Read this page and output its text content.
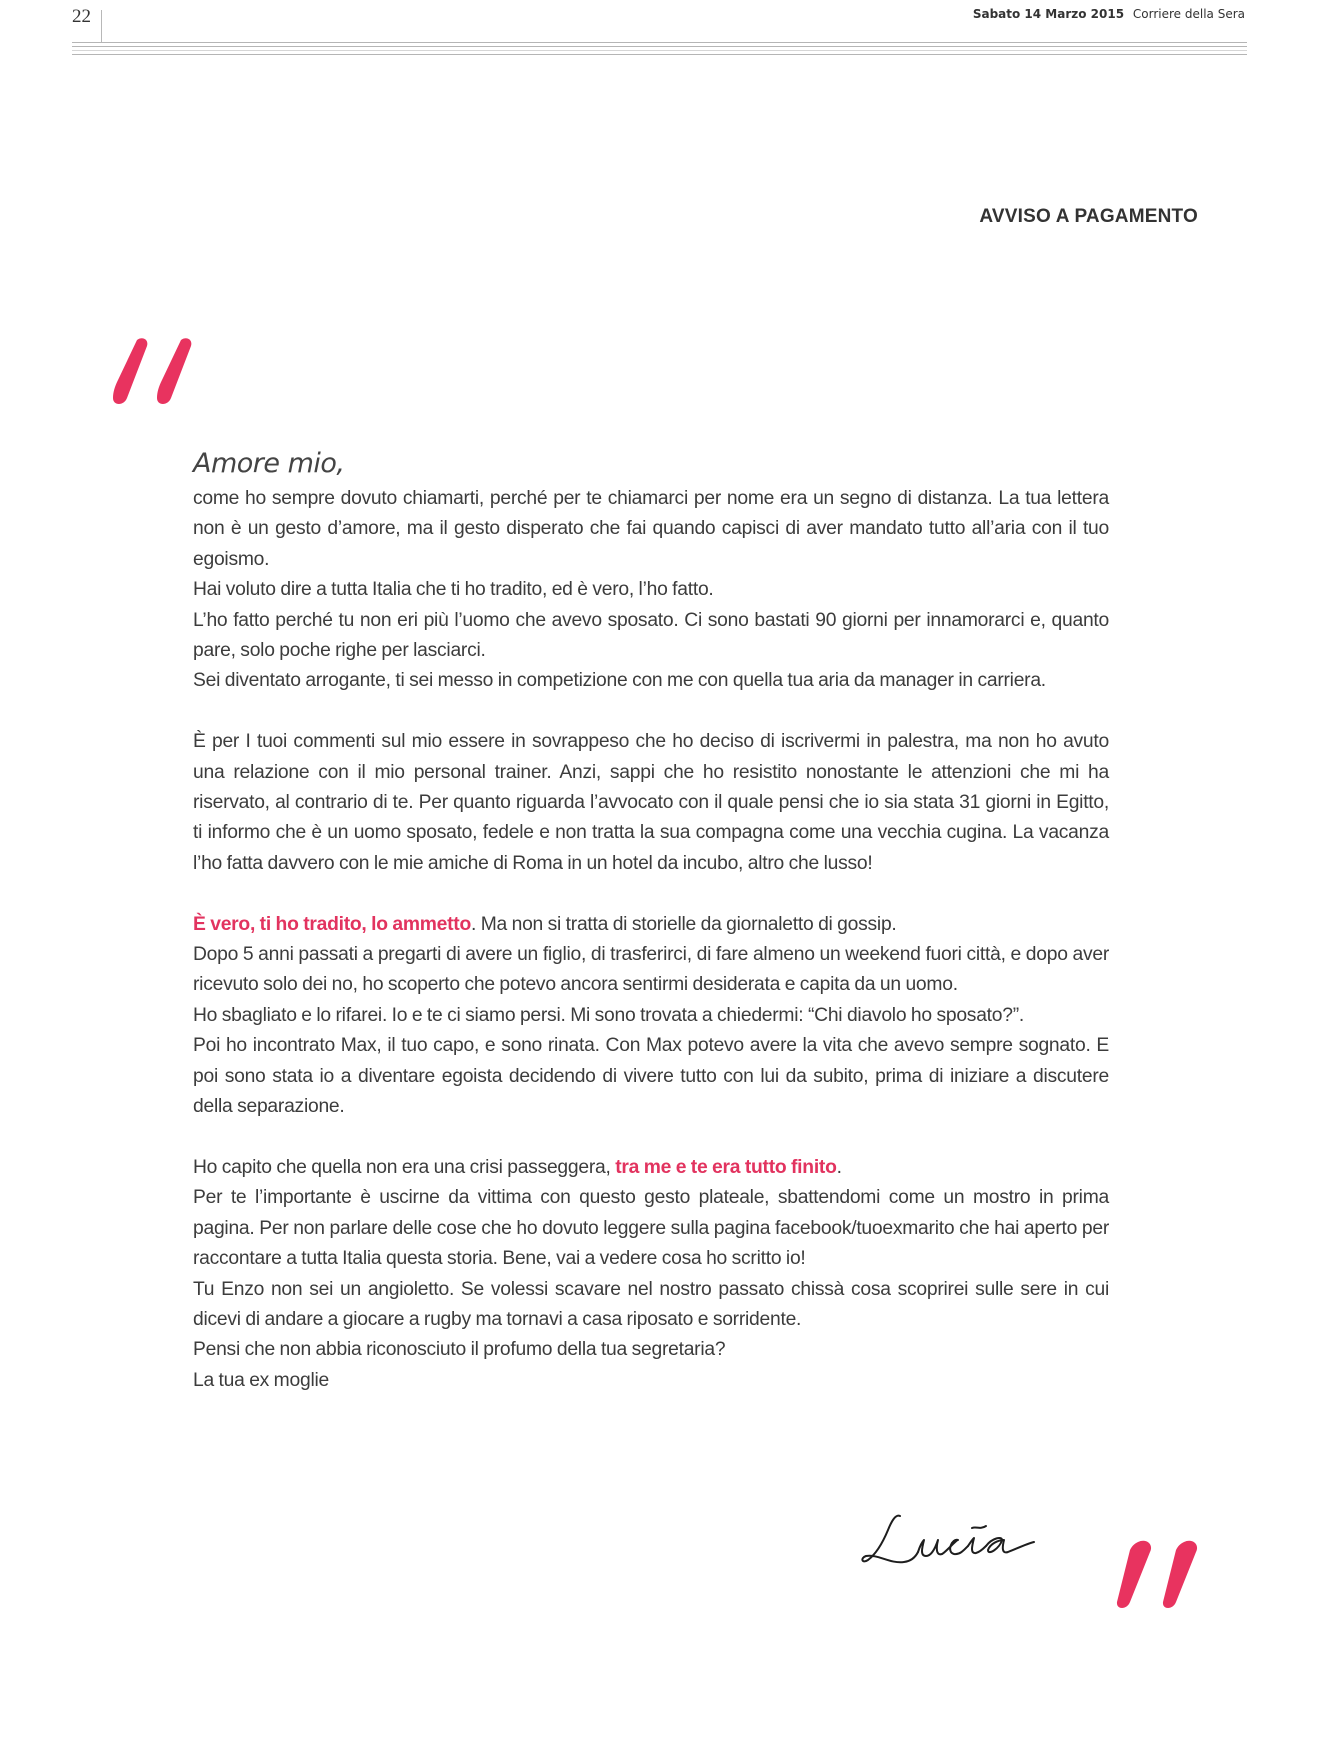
22	Sabato 14 Marzo 2015 Corriere della Sera
AVVISO A PAGAMENTO

Amore mio,

come ho sempre dovuto chiamarti, perché per te chiamarci per nome era un segno di distanza. La tua lettera non è un gesto d’amore, ma il gesto disperato che fai quando capisci di aver mandato tutto all’aria con il tuo egoismo.

Hai voluto dire a tutta Italia che ti ho tradito, ed è vero, l’ho fatto.

L’ho fatto perché tu non eri più l’uomo che avevo sposato. Ci sono bastati 90 giorni per innamorarci e, quanto pare, solo poche righe per lasciarci.

Sei diventato arrogante, ti sei messo in competizione con me con quella tua aria da manager in carriera.

È per I tuoi commenti sul mio essere in sovrappeso che ho deciso di iscrivermi in palestra, ma non ho avuto una relazione con il mio personal trainer. Anzi, sappi che ho resistito nonostante le attenzioni che mi ha riservato, al contrario di te. Per quanto riguarda l’avvocato con il quale pensi che io sia stata 31 giorni in Egitto, ti informo che è un uomo sposato, fedele e non tratta la sua compagna come una vecchia cugina. La vacanza l’ho fatta davvero con le mie amiche di Roma in un hotel da incubo, altro che lusso!

È vero, ti ho tradito, lo ammetto. Ma non si tratta di storielle da giornaletto di gossip.

Dopo 5 anni passati a pregarti di avere un figlio, di trasferirci, di fare almeno un weekend fuori città, e dopo aver ricevuto solo dei no, ho scoperto che potevo ancora sentirmi desiderata e capita da un uomo.

Ho sbagliato e lo rifarei. Io e te ci siamo persi. Mi sono trovata a chiedermi: “Chi diavolo ho sposato?”.

Poi ho incontrato Max, il tuo capo, e sono rinata. Con Max potevo avere la vita che avevo sempre sognato. E poi sono stata io a diventare egoista decidendo di vivere tutto con lui da subito, prima di iniziare a discutere della separazione.

Ho capito che quella non era una crisi passeggera, tra me e te era tutto finito.

Per te l’importante è uscirne da vittima con questo gesto plateale, sbattendomi come un mostro in prima pagina. Per non parlare delle cose che ho dovuto leggere sulla pagina facebook/tuoexmarito che hai aperto per raccontare a tutta Italia questa storia. Bene, vai a vedere cosa ho scritto io!

Tu Enzo non sei un angioletto. Se volessi scavare nel nostro passato chissà cosa scoprirei sulle sere in cui dicevi di andare a giocare a rugby ma tornavi a casa riposato e sorridente.

Pensi che non abbia riconosciuto il profumo della tua segretaria?

La tua ex moglie
